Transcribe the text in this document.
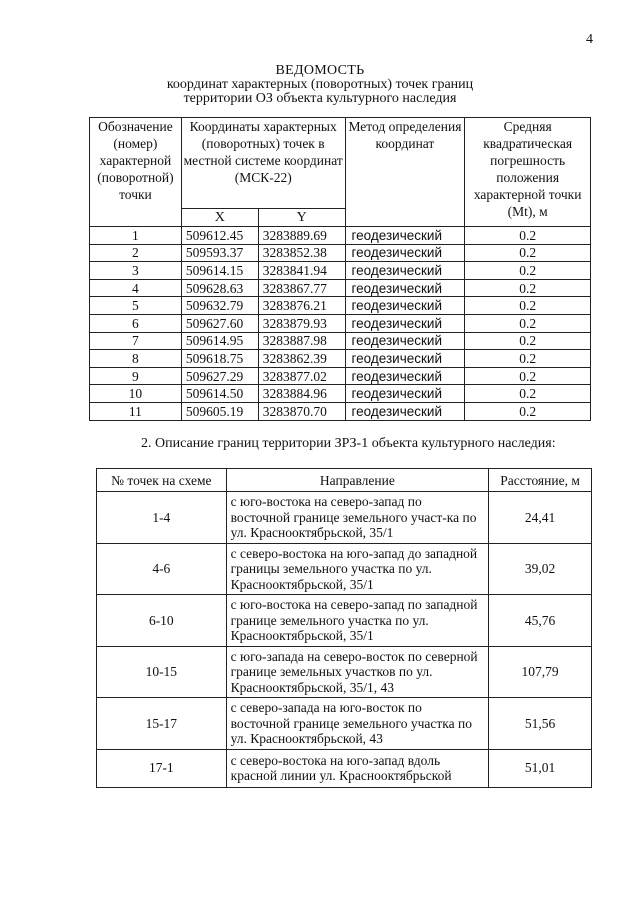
4
ВЕДОМОСТЬ
координат характерных (поворотных) точек границ
территории ОЗ объекта культурного наследия
Обозначение (номер) характерной (поворотной) точки	Координаты характерных (поворотных) точек в местной системе координат (МСК-22)		Метод определения координат	Средняя квадратическая погрешность положения характерной точки (Mt), м
	X	Y		
1	509612.45	3283889.69	геодезический	0.2
2	509593.37	3283852.38	геодезический	0.2
3	509614.15	3283841.94	геодезический	0.2
4	509628.63	3283867.77	геодезический	0.2
5	509632.79	3283876.21	геодезический	0.2
6	509627.60	3283879.93	геодезический	0.2
7	509614.95	3283887.98	геодезический	0.2
8	509618.75	3283862.39	геодезический	0.2
9	509627.29	3283877.02	геодезический	0.2
10	509614.50	3283884.96	геодезический	0.2
11	509605.19	3283870.70	геодезический	0.2
2. Описание границ территории ЗРЗ-1 объекта культурного наследия:
№ точек на схеме	Направление	Расстояние, м
1-4	с юго-востока на северо-запад по восточной границе земельного участ-ка по ул. Краснооктябрьской, 35/1	24,41
4-6	с северо-востока на юго-запад до западной границы земельного участка по ул. Краснооктябрьской, 35/1	39,02
6-10	с юго-востока на северо-запад по западной границе земельного участка по ул. Краснооктябрьской, 35/1	45,76
10-15	с юго-запада на северо-восток по северной границе земельных участков по ул. Краснооктябрьской, 35/1, 43	107,79
15-17	с северо-запада на юго-восток по восточной границе земельного участка по ул. Краснооктябрьской, 43	51,56
17-1	с северо-востока на юго-запад вдоль красной линии ул. Краснооктябрьской	51,01
